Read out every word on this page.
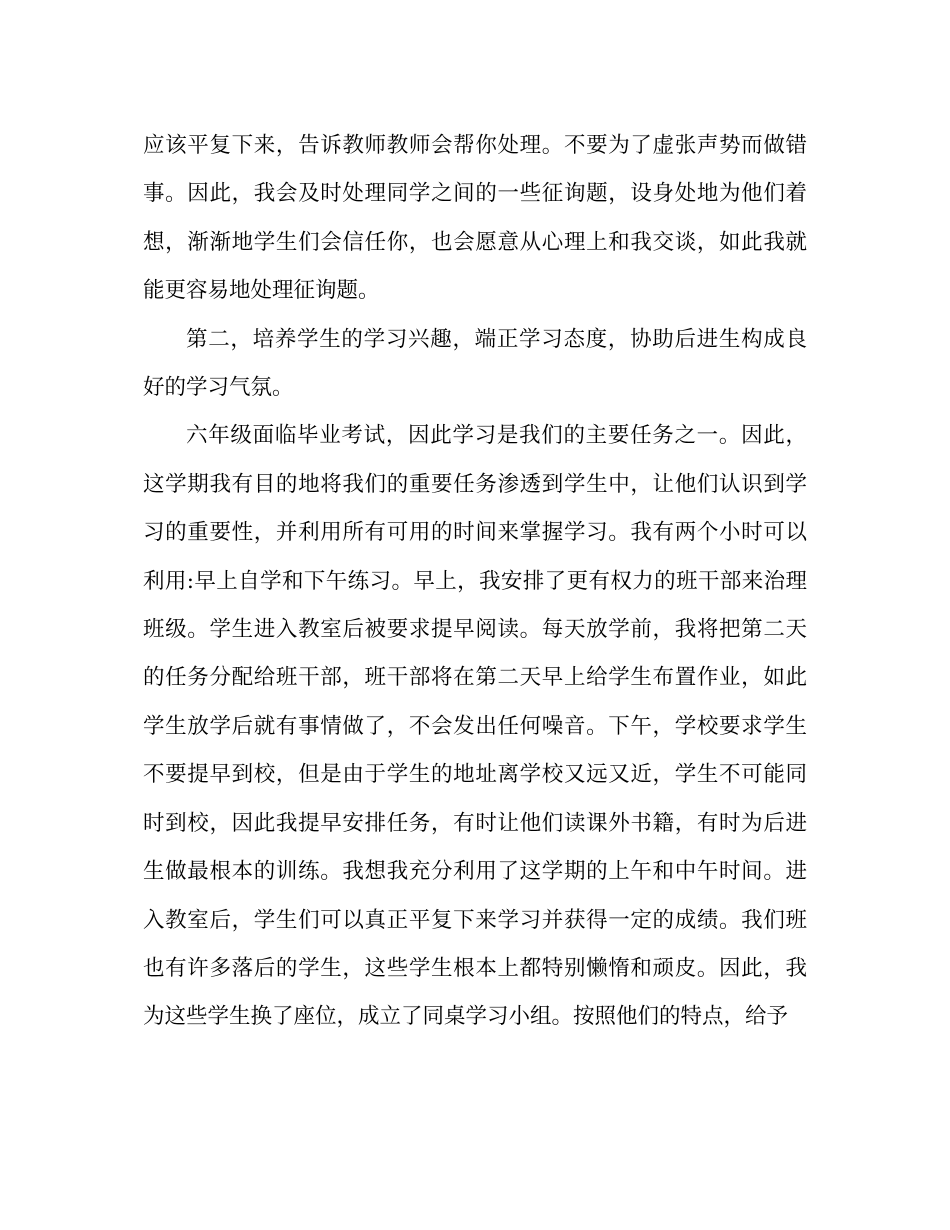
应该平复下来，告诉教师教师会帮你处理。不要为了虚张声势而做错事。因此，我会及时处理同学之间的一些征询题，设身处地为他们着想，渐渐地学生们会信任你，也会愿意从心理上和我交谈，如此我就能更容易地处理征询题。

第二，培养学生的学习兴趣，端正学习态度，协助后进生构成良好的学习气氛。

六年级面临毕业考试，因此学习是我们的主要任务之一。因此，这学期我有目的地将我们的重要任务渗透到学生中，让他们认识到学习的重要性，并利用所有可用的时间来掌握学习。我有两个小时可以利用:早上自学和下午练习。早上，我安排了更有权力的班干部来治理班级。学生进入教室后被要求提早阅读。每天放学前，我将把第二天的任务分配给班干部，班干部将在第二天早上给学生布置作业，如此学生放学后就有事情做了，不会发出任何噪音。下午，学校要求学生不要提早到校，但是由于学生的地址离学校又远又近，学生不可能同时到校，因此我提早安排任务，有时让他们读课外书籍，有时为后进生做最根本的训练。我想我充分利用了这学期的上午和中午时间。进入教室后，学生们可以真正平复下来学习并获得一定的成绩。我们班也有许多落后的学生，这些学生根本上都特别懒惰和顽皮。因此，我为这些学生换了座位，成立了同桌学习小组。按照他们的特点，给予
